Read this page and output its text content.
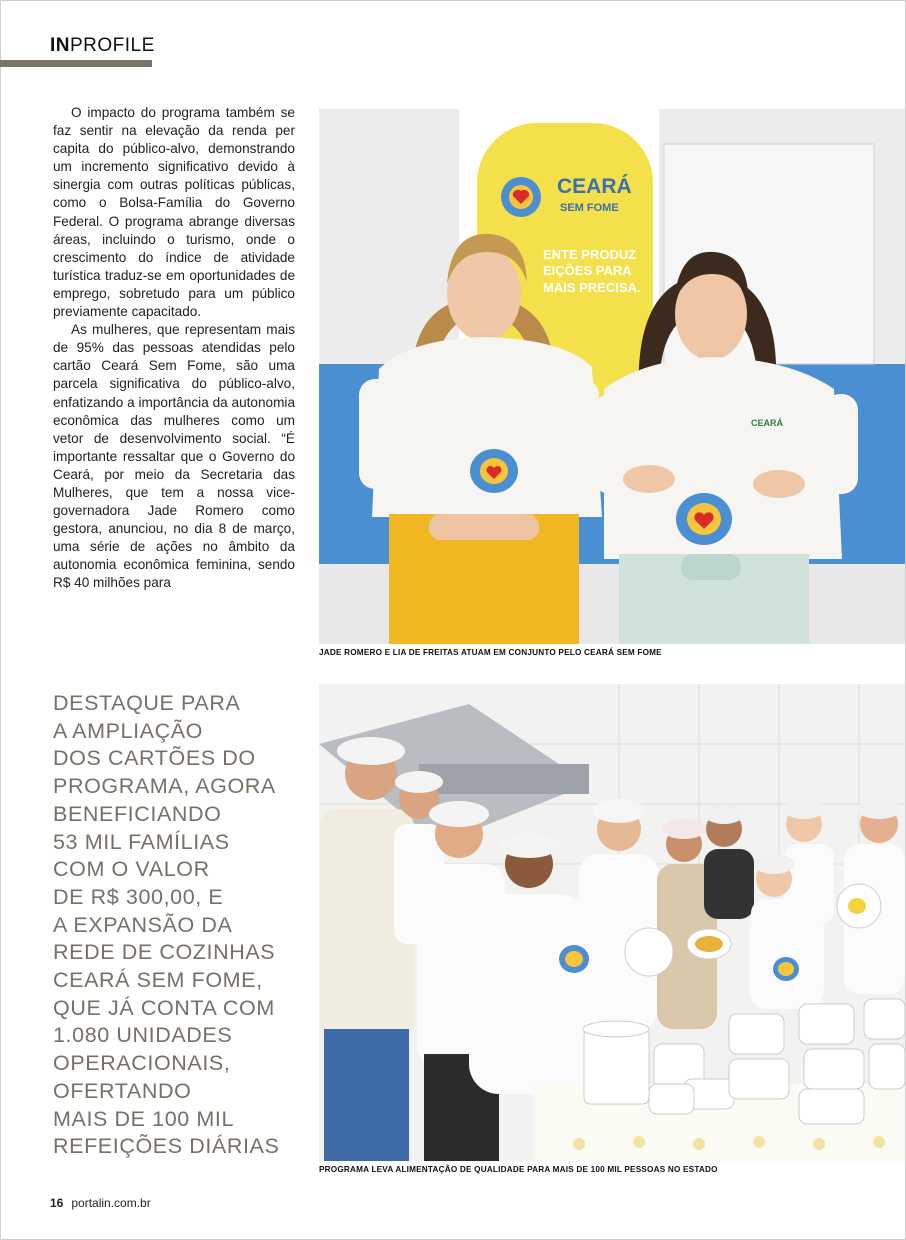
INPROFILE

O impacto do programa também se faz sentir na elevação da renda per capita do público-alvo, demonstrando um incremento significativo devido à sinergia com outras políticas públicas, como o Bolsa-Família do Governo Federal. O programa abrange diversas áreas, incluindo o turismo, onde o crescimento do índice de atividade turística traduz-se em oportunidades de emprego, sobretudo para um público previamente capacitado.

As mulheres, que representam mais de 95% das pessoas atendidas pelo cartão Ceará Sem Fome, são uma parcela significativa do público-alvo, enfatizando a importância da autonomia econômica das mulheres como um vetor de desenvolvimento social. “É importante ressaltar que o Governo do Ceará, por meio da Secretaria das Mulheres, que tem a nossa vice-governadora Jade Romero como gestora, anunciou, no dia 8 de março, uma série de ações no âmbito da autonomia econômica feminina, sendo R$ 40 milhões para

CEARÁ
SEM FOME
ENTE PRODUZ
EIÇÕES PARA
MAIS PRECISA.
CEARÁ
JADE ROMERO E LIA DE FREITAS ATUAM EM CONJUNTO PELO CEARÁ SEM FOME
DESTAQUE PARA
A AMPLIAÇÃO
DOS CARTÕES DO
PROGRAMA, AGORA
BENEFICIANDO
53 MIL FAMÍLIAS
COM O VALOR
DE R$ 300,00, E
A EXPANSÃO DA
REDE DE COZINHAS
CEARÁ SEM FOME,
QUE JÁ CONTA COM
1.080 UNIDADES
OPERACIONAIS,
OFERTANDO
MAIS DE 100 MIL
REFEIÇÕES DIÁRIAS
PROGRAMA LEVA ALIMENTAÇÃO DE QUALIDADE PARA MAIS DE 100 MIL PESSOAS NO ESTADO
16 portalin.com.br
